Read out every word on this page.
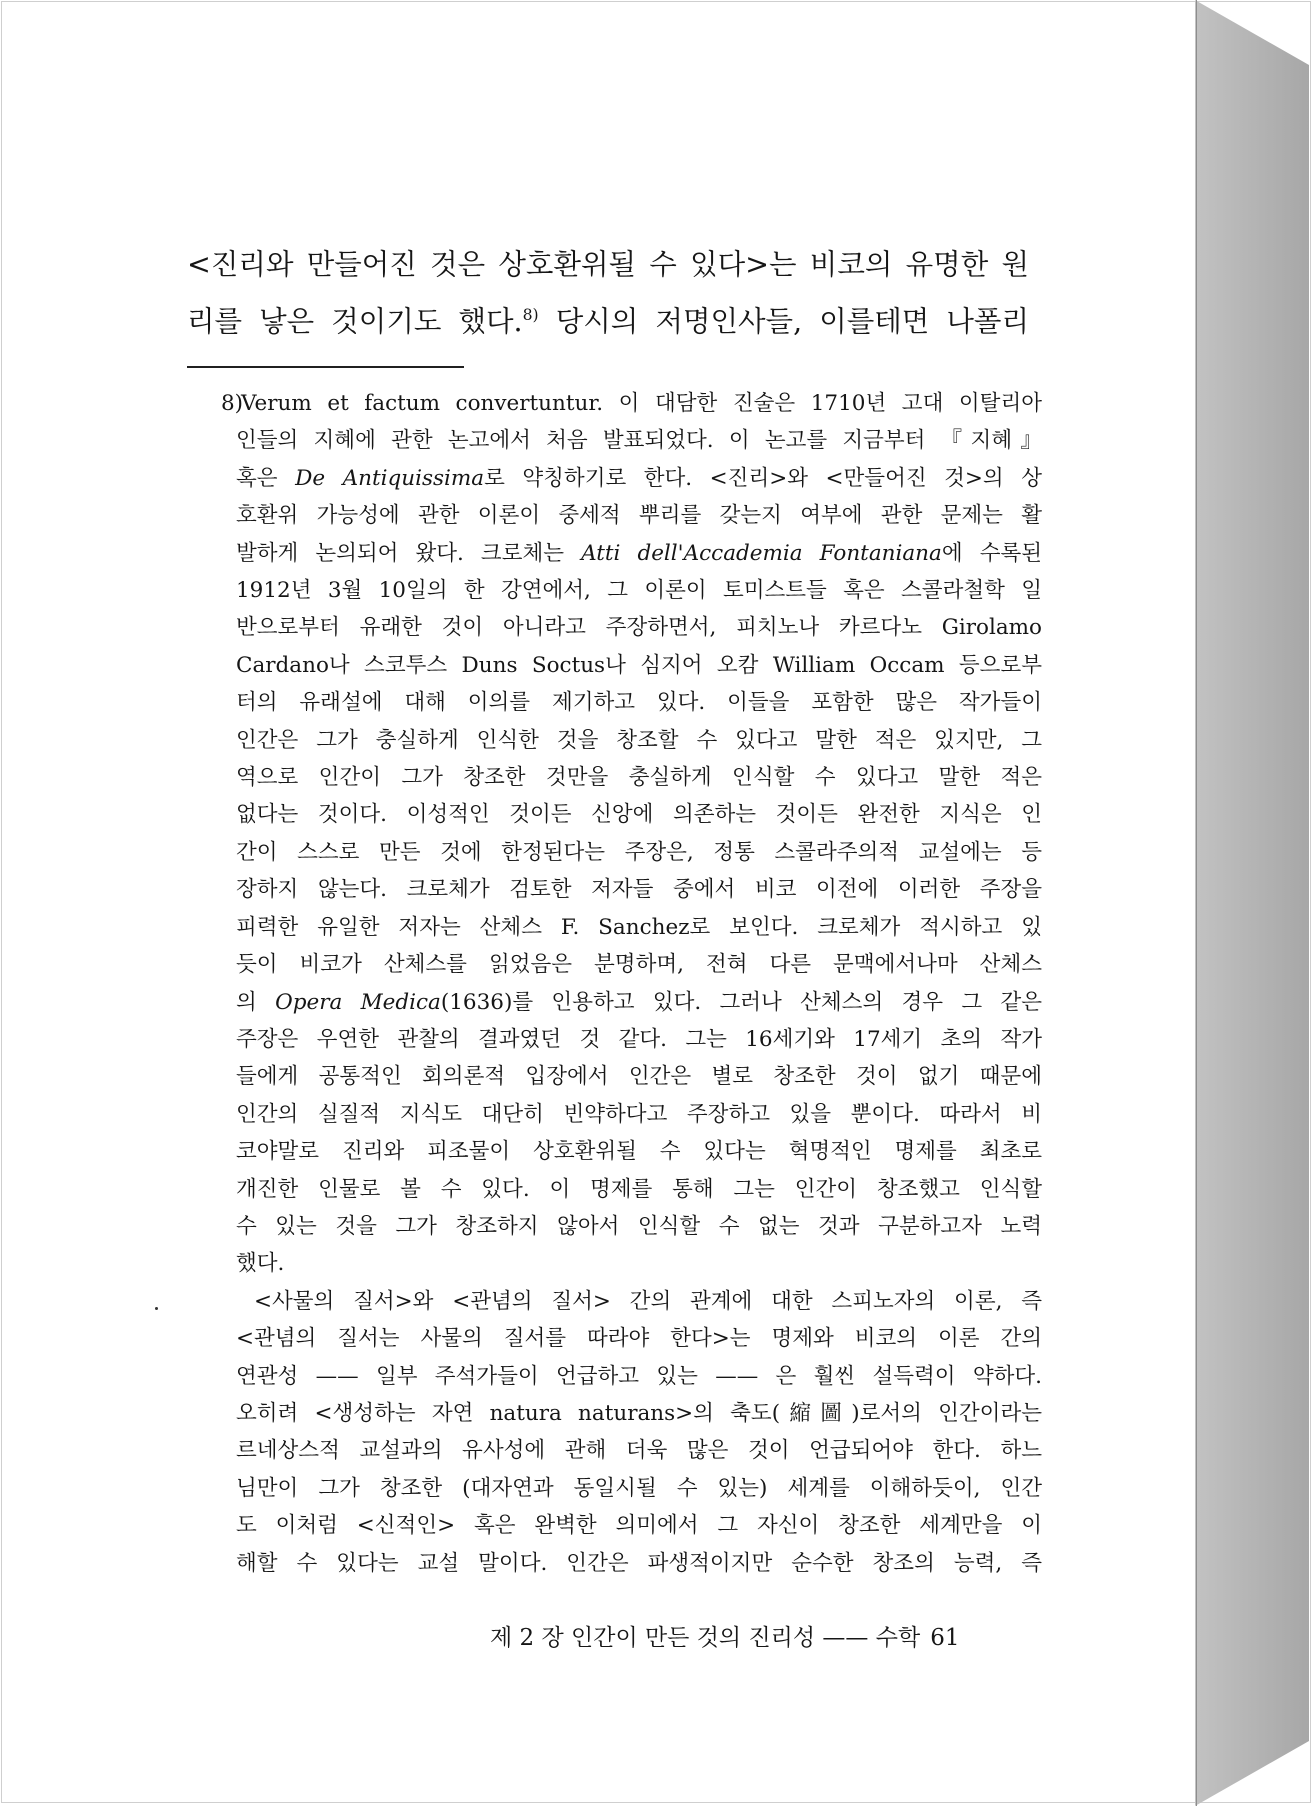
<진리와 만들어진 것은 상호환위될 수 있다>는 비코의 유명한 원
리를 낳은 것이기도 했다.$^{8)}$ 당시의 저명인사들, 이를테면 나폴리
8)
Verum et factum convertuntur. 이 대담한 진술은 1710년 고대 이탈리아
인들의 지혜에 관한 논고에서 처음 발표되었다. 이 논고를 지금부터 『지혜』
혹은 De Antiquissima로 약칭하기로 한다. <진리>와 <만들어진 것>의 상
호환위 가능성에 관한 이론이 중세적 뿌리를 갖는지 여부에 관한 문제는 활
발하게 논의되어 왔다. 크로체는 Atti dell'Accademia Fontaniana에 수록된
1912년 3월 10일의 한 강연에서, 그 이론이 토미스트들 혹은 스콜라철학 일
반으로부터 유래한 것이 아니라고 주장하면서, 피치노나 카르다노 Girolamo
Cardano나 스코투스 Duns Soctus나 심지어 오캄 William Occam 등으로부
터의 유래설에 대해 이의를 제기하고 있다. 이들을 포함한 많은 작가들이
인간은 그가 충실하게 인식한 것을 창조할 수 있다고 말한 적은 있지만, 그
역으로 인간이 그가 창조한 것만을 충실하게 인식할 수 있다고 말한 적은
없다는 것이다. 이성적인 것이든 신앙에 의존하는 것이든 완전한 지식은 인
간이 스스로 만든 것에 한정된다는 주장은, 정통 스콜라주의적 교설에는 등
장하지 않는다. 크로체가 검토한 저자들 중에서 비코 이전에 이러한 주장을
피력한 유일한 저자는 산체스 F. Sanchez로 보인다. 크로체가 적시하고 있
듯이 비코가 산체스를 읽었음은 분명하며, 전혀 다른 문맥에서나마 산체스
의 Opera Medica(1636)를 인용하고 있다. 그러나 산체스의 경우 그 같은
주장은 우연한 관찰의 결과였던 것 같다. 그는 16세기와 17세기 초의 작가
들에게 공통적인 회의론적 입장에서 인간은 별로 창조한 것이 없기 때문에
인간의 실질적 지식도 대단히 빈약하다고 주장하고 있을 뿐이다. 따라서 비
코야말로 진리와 피조물이 상호환위될 수 있다는 혁명적인 명제를 최초로
개진한 인물로 볼 수 있다. 이 명제를 통해 그는 인간이 창조했고 인식할
수 있는 것을 그가 창조하지 않아서 인식할 수 없는 것과 구분하고자 노력
했다.
<사물의 질서>와 <관념의 질서> 간의 관계에 대한 스피노자의 이론, 즉
<관념의 질서는 사물의 질서를 따라야 한다>는 명제와 비코의 이론 간의
연관성 —— 일부 주석가들이 언급하고 있는 —— 은 훨씬 설득력이 약하다.
오히려 <생성하는 자연 natura naturans>의 축도(縮圖)로서의 인간이라는
르네상스적 교설과의 유사성에 관해 더욱 많은 것이 언급되어야 한다. 하느
님만이 그가 창조한 (대자연과 동일시될 수 있는) 세계를 이해하듯이, 인간
도 이처럼 <신적인> 혹은 완벽한 의미에서 그 자신이 창조한 세계만을 이
해할 수 있다는 교설 말이다. 인간은 파생적이지만 순수한 창조의 능력, 즉
제 2 장 인간이 만든 것의 진리성 —— 수학 61
